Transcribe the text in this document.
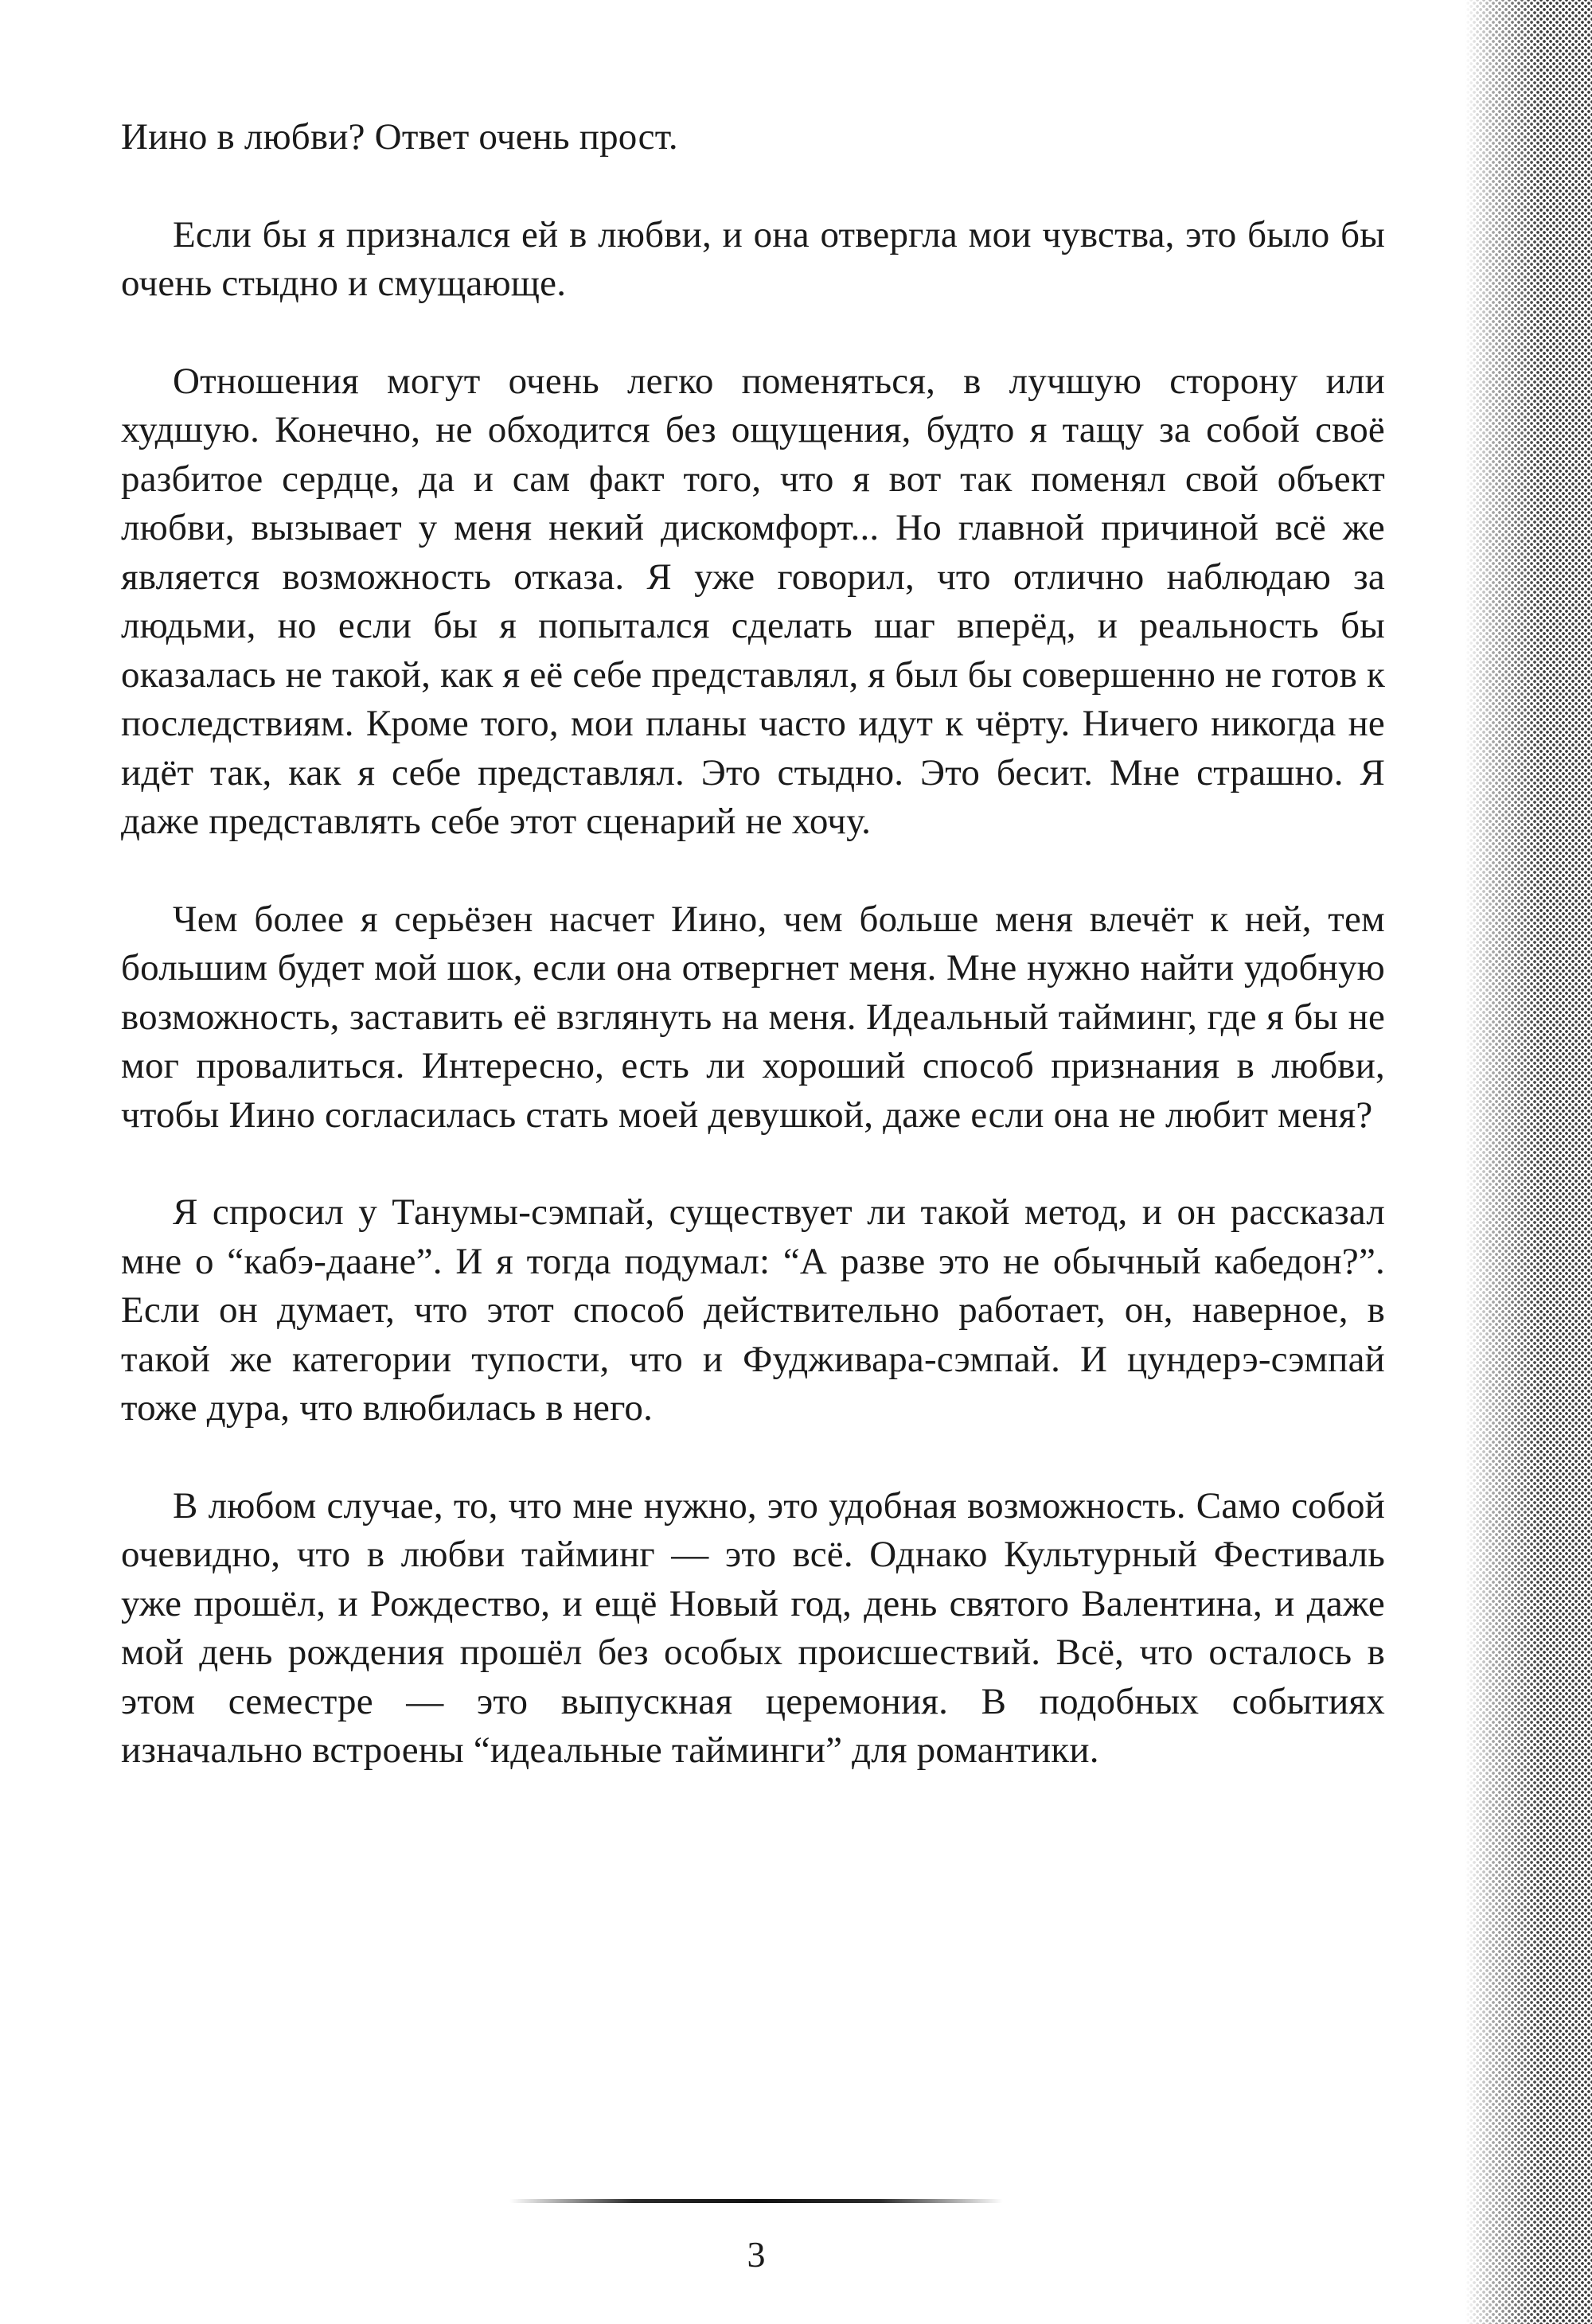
Иино в любви? Ответ очень прост.

Если бы я признался ей в любви, и она отвергла мои чувства, это было бы очень стыдно и смущающе.

Отношения могут очень легко поменяться, в лучшую сторону или худшую. Конечно, не обходится без ощущения, будто я тащу за собой своё разбитое сердце, да и сам факт того, что я вот так поменял свой объект любви, вызывает у меня некий дискомфорт... Но главной причиной всё же является возможность отказа. Я уже говорил, что отлично наблюдаю за людьми, но если бы я попытался сделать шаг вперёд, и реальность бы оказалась не такой, как я её себе представлял, я был бы совершенно не готов к последствиям. Кроме того, мои планы часто идут к чёрту. Ничего никогда не идёт так, как я себе представлял. Это стыдно. Это бесит. Мне страшно. Я даже представлять себе этот сценарий не хочу.

Чем более я серьёзен насчет Иино, чем больше меня влечёт к ней, тем большим будет мой шок, если она отвергнет меня. Мне нужно найти удобную возможность, заставить её взглянуть на меня. Идеальный тайминг, где я бы не мог провалиться. Интересно, есть ли хороший способ признания в любви, чтобы Иино согласилась стать моей девушкой, даже если она не любит меня?

Я спросил у Танумы-сэмпай, существует ли такой метод, и он рассказал мне о “кабэ-даане”. И я тогда подумал: “А разве это не обычный кабедон?”. Если он думает, что этот способ действительно работает, он, наверное, в такой же категории тупости, что и Фудживара-сэмпай. И цундерэ-сэмпай тоже дура, что влюбилась в него.

В любом случае, то, что мне нужно, это удобная возможность. Само собой очевидно, что в любви тайминг — это всё. Однако Культурный Фестиваль уже прошёл, и Рождество, и ещё Новый год, день святого Валентина, и даже мой день рождения прошёл без особых происшествий. Всё, что осталось в этом семестре — это выпускная церемония. В подобных событиях изначально встроены “идеальные тайминги” для романтики.

3
